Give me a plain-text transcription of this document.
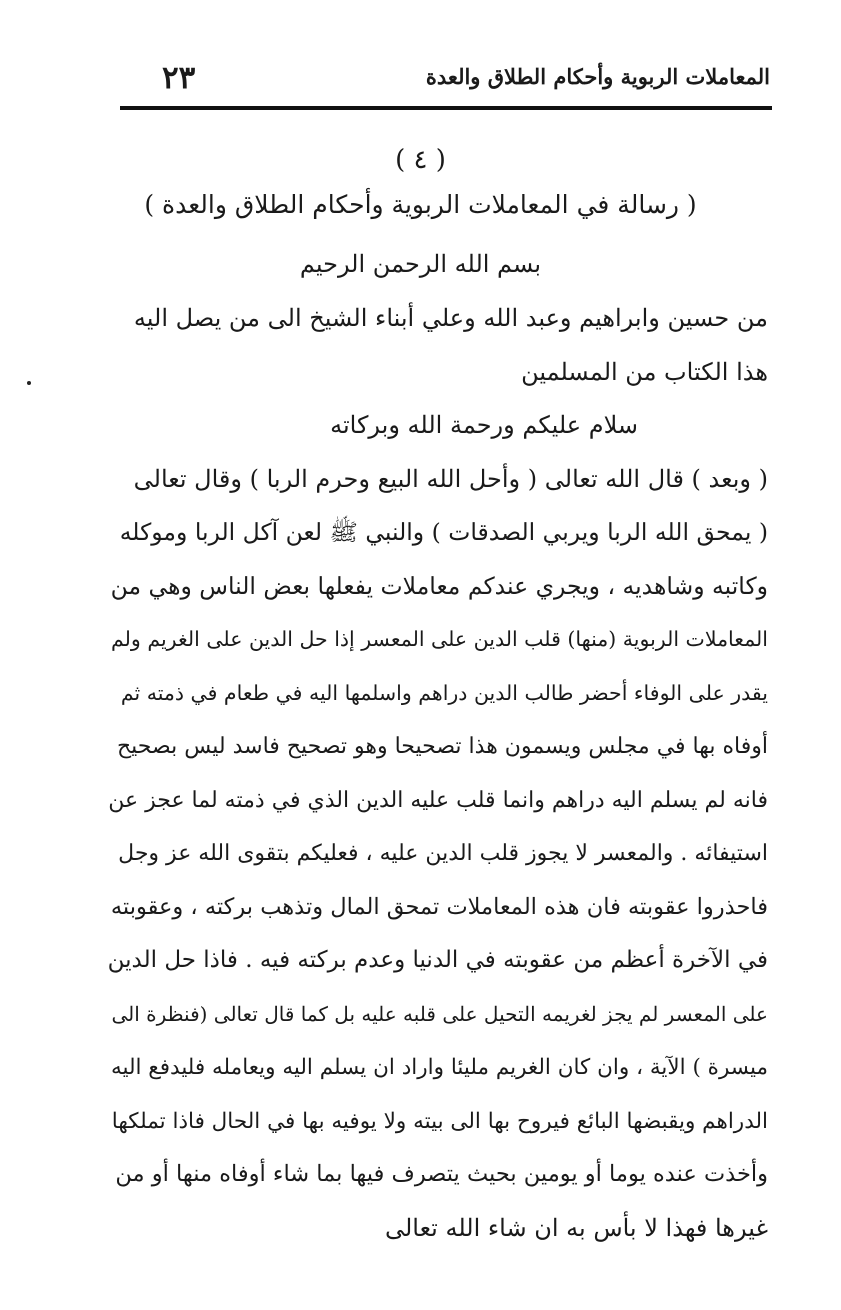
المعاملات الربوية وأحكام الطلاق والعدة
٢٣
( ٤ )
( رسالة في المعاملات الربوية وأحكام الطلاق والعدة )
بسم الله الرحمن الرحيم
من حسين وابراهيم وعبد الله وعلي أبناء الشيخ الى من يصل اليه
هذا الكتاب من المسلمين
سلام عليكم ورحمة الله وبركاته
( وبعد ) قال الله تعالى ( وأحل الله البيع وحرم الربا ) وقال تعالى
( يمحق الله الربا ويربي الصدقات ) والنبي ﷺ لعن آكل الربا وموكله
وكاتبه وشاهديه ، ويجري عندكم معاملات يفعلها بعض الناس وهي من
المعاملات الربوية (منها) قلب الدين على المعسر إذا حل الدين على الغريم ولم
يقدر على الوفاء أحضر طالب الدين دراهم واسلمها اليه في طعام في ذمته ثم
أوفاه بها في مجلس ويسمون هذا تصحيحا وهو تصحيح فاسد ليس بصحيح
فانه لم يسلم اليه دراهم وانما قلب عليه الدين الذي في ذمته لما عجز عن
استيفائه . والمعسر لا يجوز قلب الدين عليه ، فعليكم بتقوى الله عز وجل
فاحذروا عقوبته فان هذه المعاملات تمحق المال وتذهب بركته ، وعقوبته
في الآخرة أعظم من عقوبته في الدنيا وعدم بركته فيه . فاذا حل الدين
على المعسر لم يجز لغريمه التحيل على قلبه عليه بل كما قال تعالى (فنظرة الى
ميسرة ) الآية ، وان كان الغريم مليئا واراد ان يسلم اليه ويعامله فليدفع اليه
الدراهم ويقبضها البائع فيروح بها الى بيته ولا يوفيه بها في الحال فاذا تملكها
وأخذت عنده يوما أو يومين بحيث يتصرف فيها بما شاء أوفاه منها أو من
غيرها فهذا لا بأس به ان شاء الله تعالى
